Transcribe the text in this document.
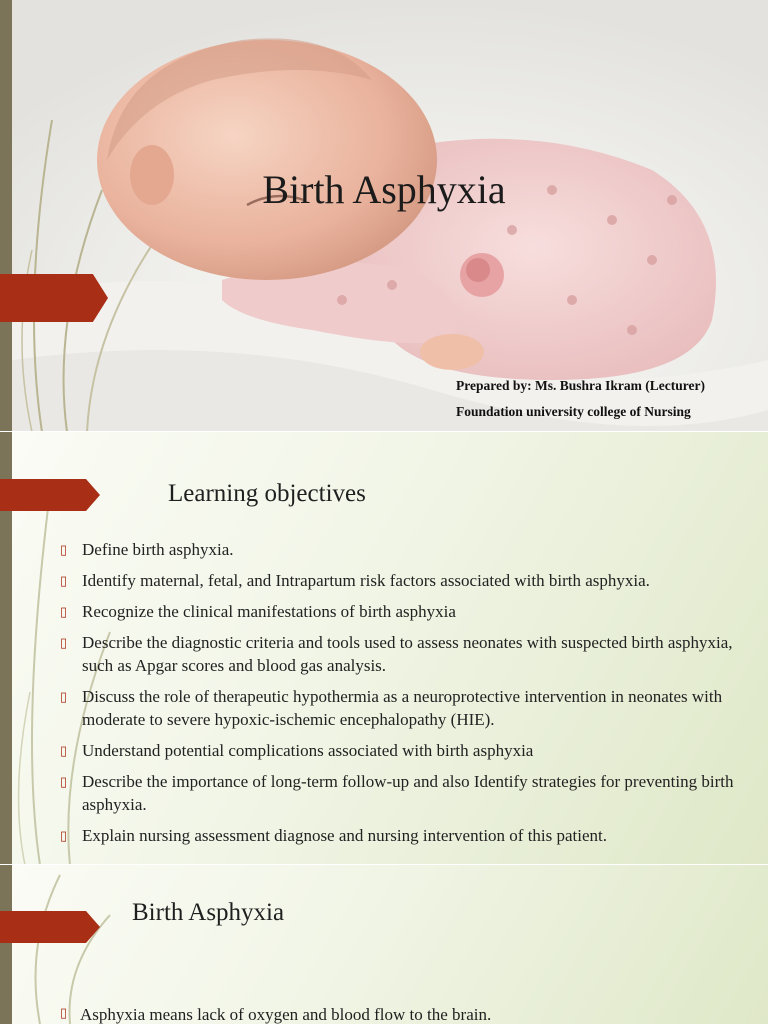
Birth Asphyxia
Prepared by: Ms. Bushra Ikram (Lecturer)
Foundation university college of Nursing
Learning objectives
▯ Define birth asphyxia.
▯ Identify maternal, fetal, and Intrapartum risk factors associated with birth asphyxia.
▯ Recognize the clinical manifestations of birth asphyxia
▯ Describe the diagnostic criteria and tools used to assess neonates with suspected birth asphyxia, such as Apgar scores and blood gas analysis.
▯ Discuss the role of therapeutic hypothermia as a neuroprotective intervention in neonates with moderate to severe hypoxic-ischemic encephalopathy (HIE).
▯ Understand potential complications associated with birth asphyxia
▯ Describe the importance of long-term follow-up and also Identify strategies for preventing birth asphyxia.
▯ Explain nursing assessment diagnose and nursing intervention of this patient.
Birth Asphyxia
▯ Asphyxia means lack of oxygen and blood flow to the brain.
